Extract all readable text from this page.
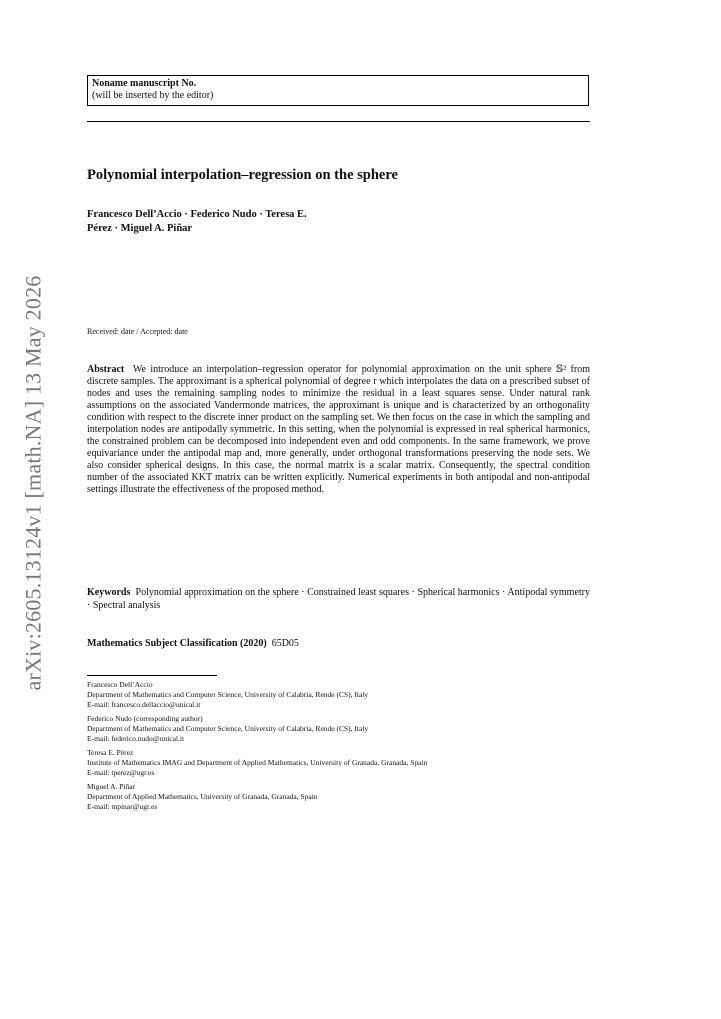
arXiv:2605.13124v1 [math.NA] 13 May 2026
Noname manuscript No.
(will be inserted by the editor)
Polynomial interpolation–regression on the sphere
Francesco Dell’Accio · Federico Nudo · Teresa E.
Pérez · Miguel A. Piñar
Received: date / Accepted: date

Abstract We introduce an interpolation–regression operator for polynomial approximation on the unit sphere 𝕊² from discrete samples. The approximant is a spherical polynomial of degree r which interpolates the data on a prescribed subset of nodes and uses the remaining sampling nodes to minimize the residual in a least squares sense. Under natural rank assumptions on the associated Vandermonde matrices, the approximant is unique and is characterized by an orthogonality condition with respect to the discrete inner product on the sampling set. We then focus on the case in which the sampling and interpolation nodes are antipodally symmetric. In this setting, when the polynomial is expressed in real spherical harmonics, the constrained problem can be decomposed into independent even and odd components. In the same framework, we prove equivariance under the antipodal map and, more generally, under orthogonal transformations preserving the node sets. We also consider spherical designs. In this case, the normal matrix is a scalar matrix. Consequently, the spectral condition number of the associated KKT matrix can be written explicitly. Numerical experiments in both antipodal and non-antipodal settings illustrate the effectiveness of the proposed method.

Keywords Polynomial approximation on the sphere · Constrained least squares · Spherical harmonics · Antipodal symmetry · Spectral analysis

Mathematics Subject Classification (2020) 65D05

Francesco Dell’Accio
Department of Mathematics and Computer Science, University of Calabria, Rende (CS), Italy
E-mail: francesco.dellaccio@unical.it
Federico Nudo (corresponding author)
Department of Mathematics and Computer Science, University of Calabria, Rende (CS), Italy
E-mail: federico.nudo@unical.it
Teresa E. Pérez
Institute of Mathematics IMAG and Department of Applied Mathematics, University of Granada, Granada, Spain
E-mail: tperez@ugr.es
Miguel A. Piñar
Department of Applied Mathematics, University of Granada, Granada, Spain
E-mail: mpinar@ugr.es
